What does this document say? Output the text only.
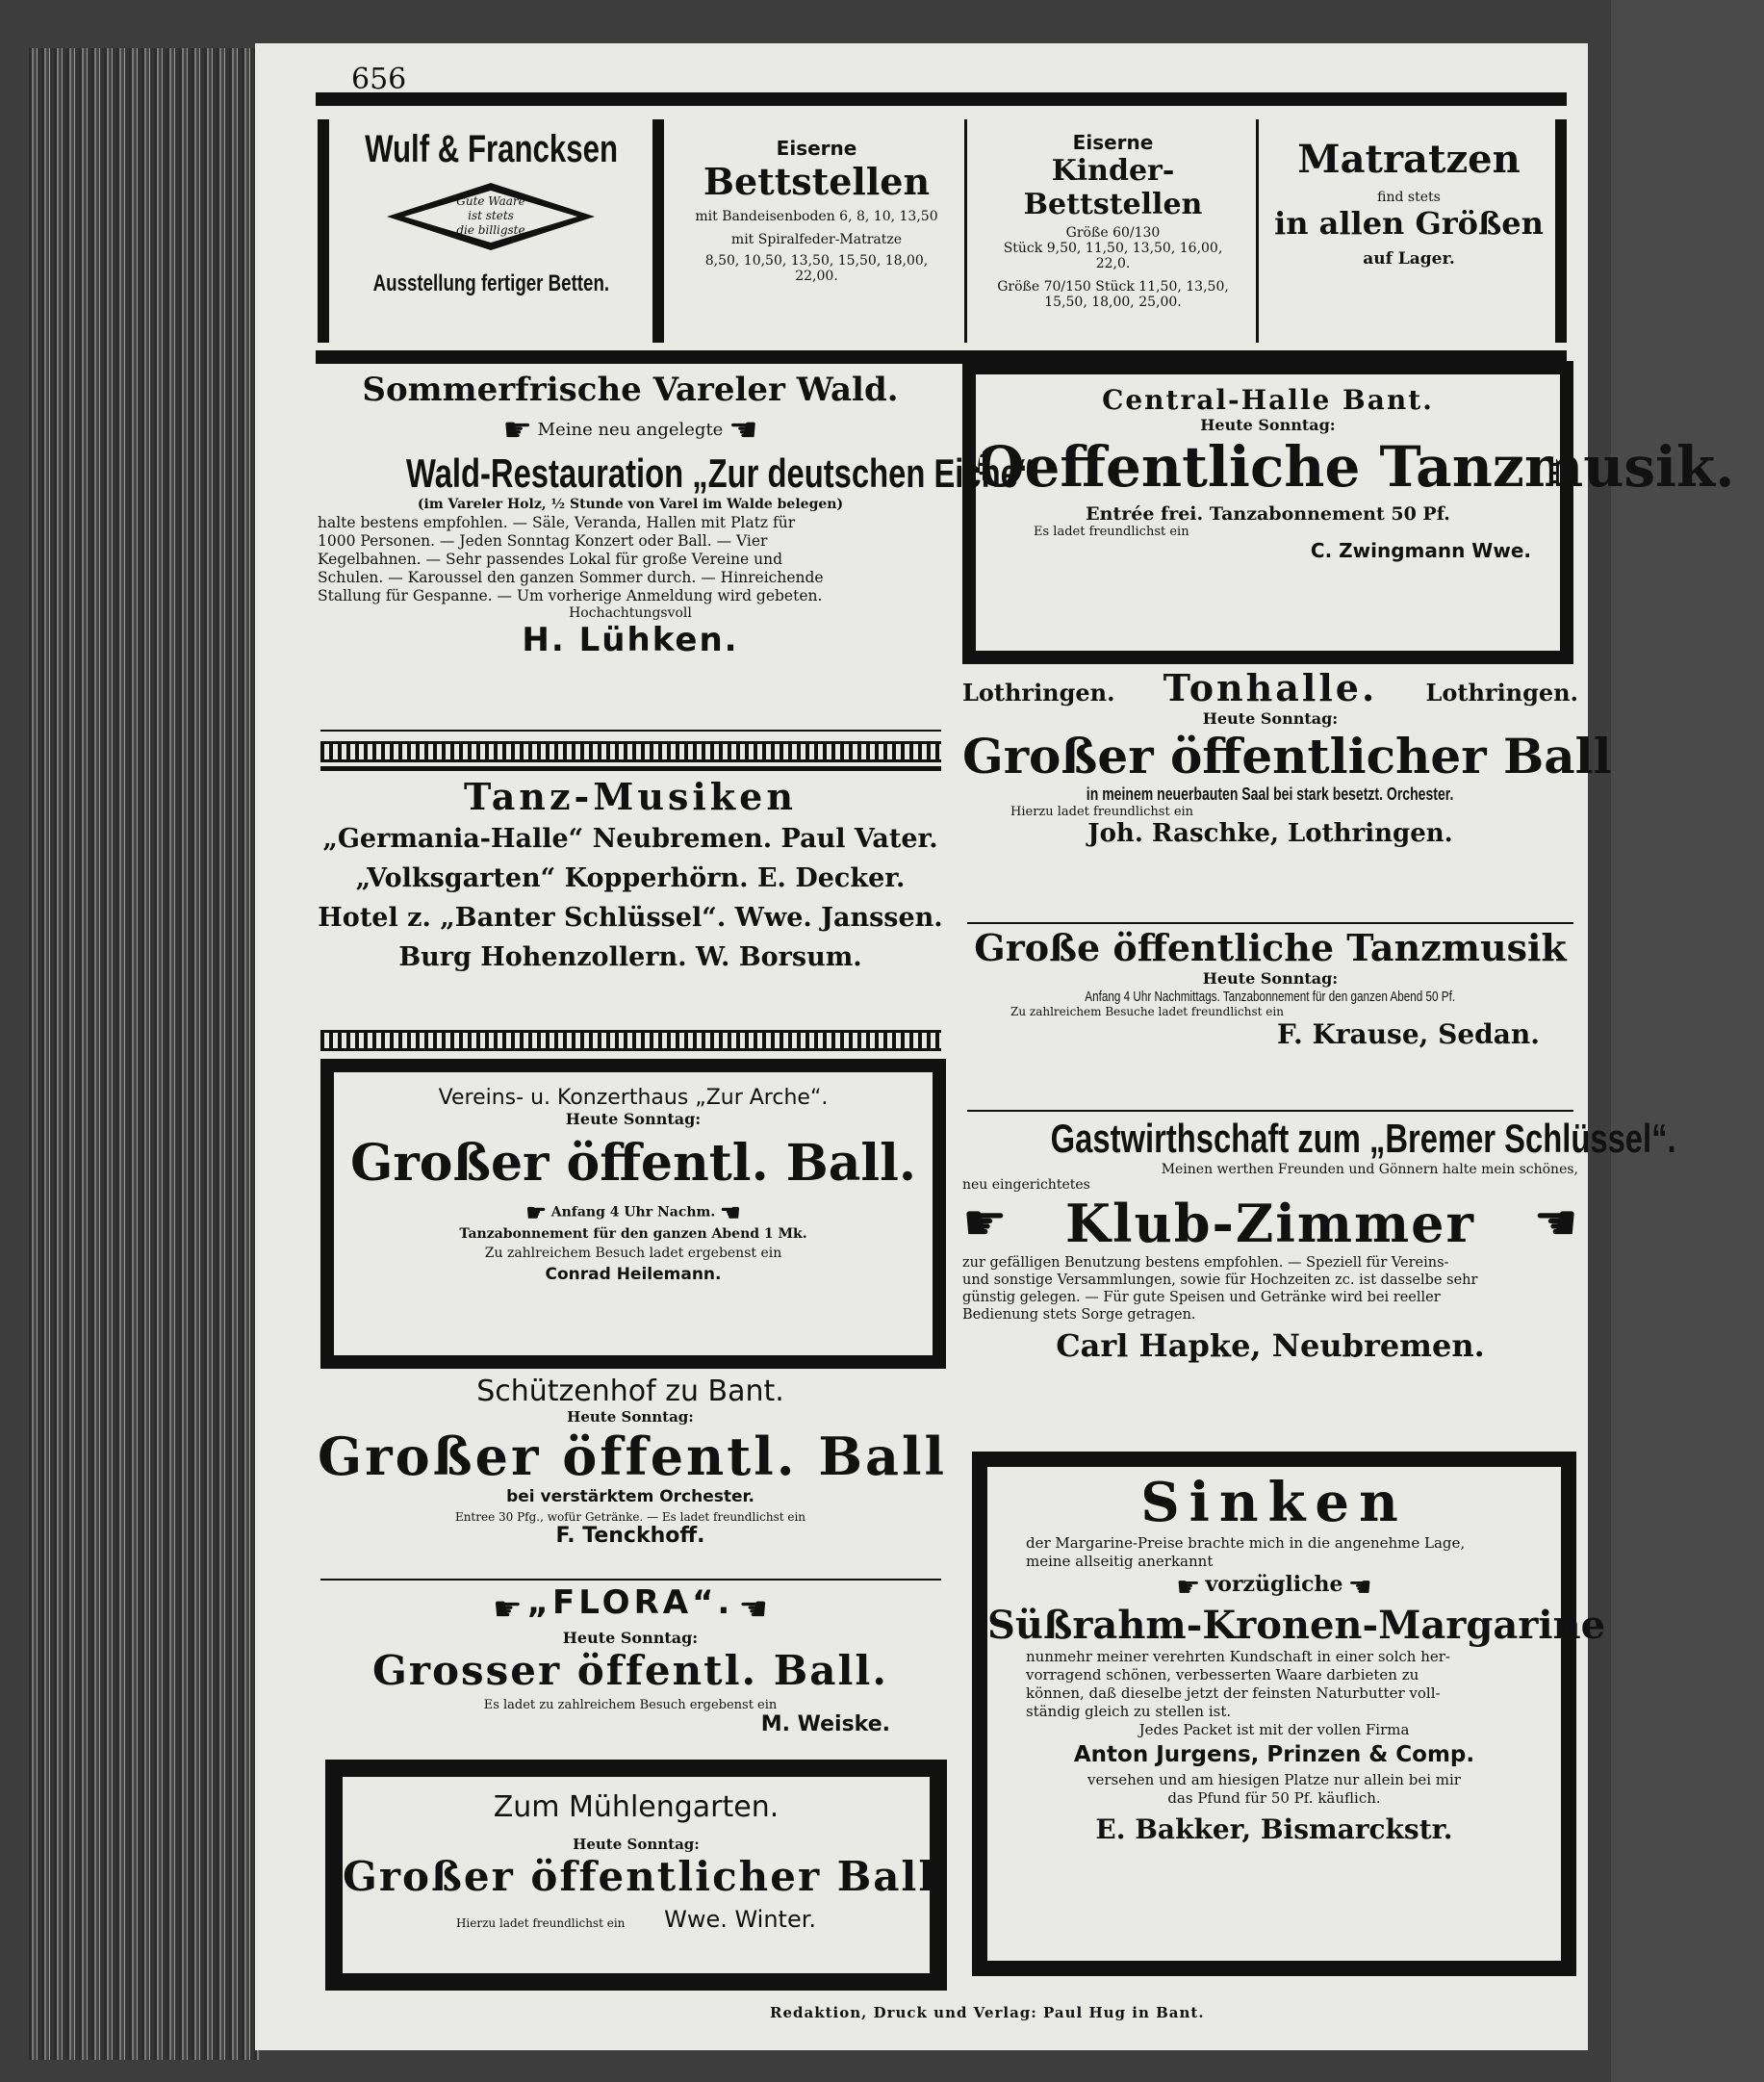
656
Wulf & Francksen
Gute Waare
ist stets
die billigste
Ausstellung fertiger Betten.
Eiserne
Bettstellen
mit Bandeisenboden 6, 8, 10, 13,50
mit Spiralfeder-Matratze
8,50, 10,50, 13,50, 15,50, 18,00,
22,00.
Eiserne
Kinder-Bettstellen
Größe 60/130
Stück 9,50, 11,50, 13,50, 16,00,
22,0.
Größe 70/150 Stück 11,50, 13,50,
15,50, 18,00, 25,00.
Matratzen
find stets
in allen Größen
auf Lager.
Sommerfrische Vareler Wald.
☛ Meine neu angelegte ☚
Wald-Restauration „Zur deutschen Eiche“
(im Vareler Holz, ½ Stunde von Varel im Walde belegen)
halte bestens empfohlen. — Säle, Veranda, Hallen mit Platz für
1000 Personen. — Jeden Sonntag Konzert oder Ball. — Vier
Kegelbahnen. — Sehr passendes Lokal für große Vereine und
Schulen. — Karoussel den ganzen Sommer durch. — Hinreichende
Stallung für Gespanne. — Um vorherige Anmeldung wird gebeten.
Hochachtungsvoll
H. Lühken.
Tanz-Musiken
„Germania-Halle“ Neubremen. Paul Vater.
„Volksgarten“ Kopperhörn. E. Decker.
Hotel z. „Banter Schlüssel“. Wwe. Janssen.
Burg Hohenzollern. W. Borsum.
Vereins- u. Konzerthaus „Zur Arche“.
Heute Sonntag:
Großer öffentl. Ball.
☛ Anfang 4 Uhr Nachm. ☚
Tanzabonnement für den ganzen Abend 1 Mk.
Zu zahlreichem Besuch ladet ergebenst ein
Conrad Heilemann.
Schützenhof zu Bant.
Heute Sonntag:
Großer öffentl. Ball
bei verstärktem Orchester.
Entree 30 Pfg., wofür Getränke. — Es ladet freundlichst ein
F. Tenckhoff.
☛ „FLORA“. ☚
Heute Sonntag:
Grosser öffentl. Ball.
Es ladet zu zahlreichem Besuch ergebenst ein
M. Weiske.
Zum Mühlengarten.
Heute Sonntag:
Großer öffentlicher Ball.
Hierzu ladet freundlichst ein Wwe. Winter.
Central-Halle Bant.
Heute Sonntag:
Oeffentliche Tanzmusik.
Entrée frei. Tanzabonnement 50 Pf.
Es ladet freundlichst ein
C. Zwingmann Wwe.
Lothringen. Tonhalle. Lothringen.
Heute Sonntag:
Großer öffentlicher Ball
in meinem neuerbauten Saal bei stark besetzt. Orchester.
Hierzu ladet freundlichst ein
Joh. Raschke, Lothringen.
Große öffentliche Tanzmusik
Heute Sonntag:
Anfang 4 Uhr Nachmittags. Tanzabonnement für den ganzen Abend 50 Pf.
Zu zahlreichem Besuche ladet freundlichst ein
F. Krause, Sedan.
Gastwirthschaft zum „Bremer Schlüssel“.
Meinen werthen Freunden und Gönnern halte mein schönes,
neu eingerichtetes
☛ Klub-Zimmer ☚
zur gefälligen Benutzung bestens empfohlen. — Speziell für Vereins-
und sonstige Versammlungen, sowie für Hochzeiten zc. ist dasselbe sehr
günstig gelegen. — Für gute Speisen und Getränke wird bei reeller
Bedienung stets Sorge getragen.
Carl Hapke, Neubremen.
Sinken
der Margarine-Preise brachte mich in die angenehme Lage,
meine allseitig anerkannt
☛ vorzügliche ☚
Süßrahm-Kronen-Margarine
nunmehr meiner verehrten Kundschaft in einer solch her-
vorragend schönen, verbesserten Waare darbieten zu
können, daß dieselbe jetzt der feinsten Naturbutter voll-
ständig gleich zu stellen ist.
Jedes Packet ist mit der vollen Firma
Anton Jurgens, Prinzen & Comp.
versehen und am hiesigen Platze nur allein bei mir
das Pfund für 50 Pf. käuflich.
E. Bakker, Bismarckstr.
Redaktion, Druck und Verlag: Paul Hug in Bant.
